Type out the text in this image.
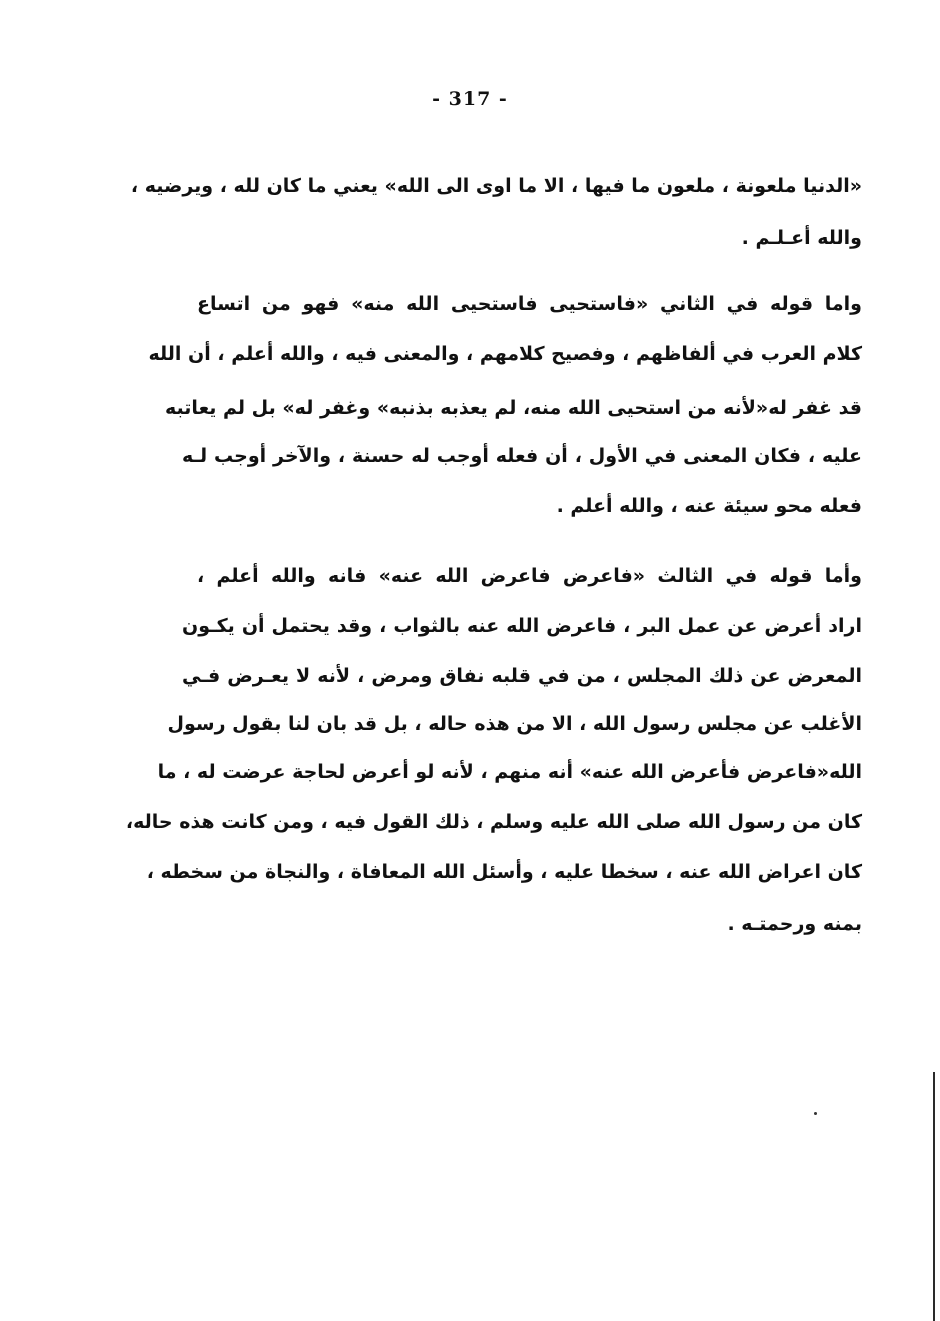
- 317 -
«الدنيا ملعونة ، ملعون ما فيها ، الا ما اوى الى الله» يعني ما كان لله ، ويرضيه ،
والله أعـلـم .
واما قوله في الثاني «فاستحيى فاستحيى الله منه» فهو من اتساع
كلام العرب في ألفاظهم ، وفصيح كلامهم ، والمعنى فيه ، والله أعلم ، أن الله
قد غفر له«لأنه من استحيى الله منه، لم يعذبه بذنبه» وغفر له» بل لم يعاتبه
عليه ، فكان المعنى في الأول ، أن فعله أوجب له حسنة ، والآخر أوجب لـه
فعله محو سيئة عنه ، والله أعلم .
وأما قوله في الثالث «فاعرض فاعرض الله عنه» فانه والله أعلم ،
اراد أعرض عن عمل البر ، فاعرض الله عنه بالثواب ، وقد يحتمل أن يكـون
المعرض عن ذلك المجلس ، من في قلبه نفاق ومرض ، لأنه لا يعـرض فـي
الأغلب عن مجلس رسول الله ، الا من هذه حاله ، بل قد بان لنا بقول رسول
الله«فاعرض فأعرض الله عنه» أنه منهم ، لأنه لو أعرض لحاجة عرضت له ، ما
كان من رسول الله صلى الله عليه وسلم ، ذلك القول فيه ، ومن كانت هذه حاله،
كان اعراض الله عنه ، سخطا عليه ، وأسئل الله المعافاة ، والنجاة من سخطه ،
بمنه ورحمتـه .
